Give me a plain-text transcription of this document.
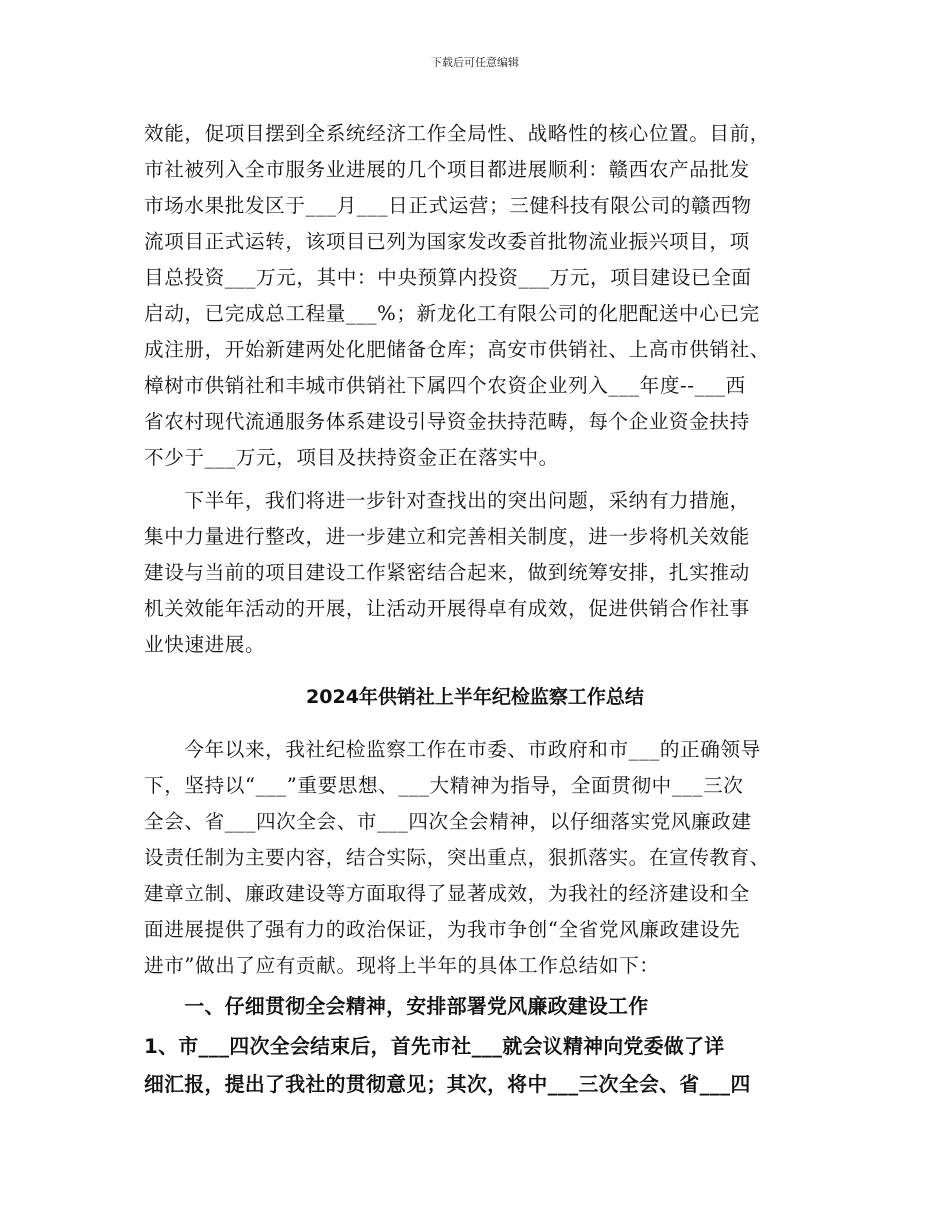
下载后可任意编辑
效能，促项目摆到全系统经济工作全局性、战略性的核心位置。目前，
市社被列入全市服务业进展的几个项目都进展顺利：赣西农产品批发
市场水果批发区于___月___日正式运营；三健科技有限公司的赣西物
流项目正式运转，该项目已列为国家发改委首批物流业振兴项目，项
目总投资___万元，其中：中央预算内投资___万元，项目建设已全面
启动，已完成总工程量___%；新龙化工有限公司的化肥配送中心已完
成注册，开始新建两处化肥储备仓库；高安市供销社、上高市供销社、
樟树市供销社和丰城市供销社下属四个农资企业列入___年度--___西
省农村现代流通服务体系建设引导资金扶持范畴，每个企业资金扶持
不少于___万元，项目及扶持资金正在落实中。
　　下半年，我们将进一步针对查找出的突出问题，采纳有力措施，
集中力量进行整改，进一步建立和完善相关制度，进一步将机关效能
建设与当前的项目建设工作紧密结合起来，做到统筹安排，扎实推动
机关效能年活动的开展，让活动开展得卓有成效，促进供销合作社事
业快速进展。
2024年供销社上半年纪检监察工作总结
　　今年以来，我社纪检监察工作在市委、市政府和市___的正确领导
下，坚持以“___”重要思想、___大精神为指导，全面贯彻中___三次
全会、省___四次全会、市___四次全会精神，以仔细落实党风廉政建
设责任制为主要内容，结合实际，突出重点，狠抓落实。在宣传教育、
建章立制、廉政建设等方面取得了显著成效，为我社的经济建设和全
面进展提供了强有力的政治保证，为我市争创“全省党风廉政建设先
进市”做出了应有贡献。现将上半年的具体工作总结如下：
　　一、仔细贯彻全会精神，安排部署党风廉政建设工作
1、市___四次全会结束后，首先市社___就会议精神向党委做了详
细汇报，提出了我社的贯彻意见；其次，将中___三次全会、省___四
